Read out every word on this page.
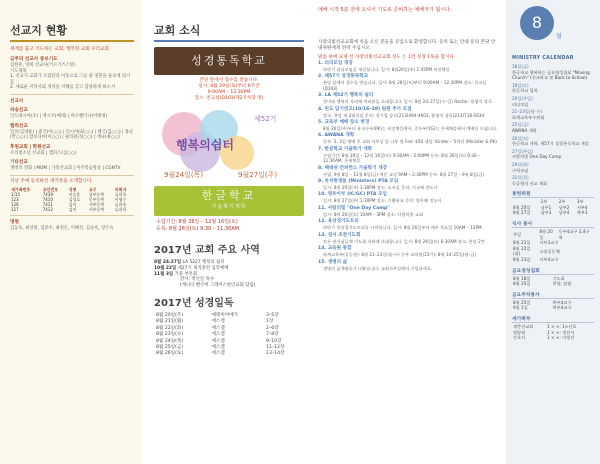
예배 시작 5분 전에 오셔서 기도로 준비하는 예배자가 됩시다.
선교지 현황
세계를 품고 기도하는 교회, 행복한 교회 우리교회
금주의 선교사 중보기도
김현준, 영희 선교사(키르기즈스탄)
기도제목
1. 선교지 교회가 조립단과 이웃으로 그들 중 영혼을 돌보게 되기를
2. 새로운 지역사회 개척을 지혜를 갖고 감당하게 하소서
선교사
파송선교
인도네시아(조) | 멕시코(메네) | 아르헨티나(이태영)
협력선교
일본(김영운) | 중국(이○○) | 러시아(최○○) | 태국(김○○) | 몽골(박○○) | 캄보디아(이○○) | 필리핀(정○○) | 케냐(최○○)
후원교회 | 학원선교
우리청소년 선교회 | 캠퍼스(김○○)
기타선교
생명의 전화 | MOM | 가족선교회 | 미주복음방송 | CGNTV
지난 주에 등록하신 새가족을 소개합니다.
새가족번호	교인번호	성명	교구	목회자
1/15	7439	이승훈	남부동쪽	류희옥
123	7410	김성호	동부동쪽	이영수
126	7411	김미	서부동쪽	류희옥
127	7412	김미	서부동쪽	류희옥
명원
김동욱, 최성원, 임준수, 최원돈, 이혜선, 김순옥, 장은숙
교회 소식
성경통독학교
본당 앞에서 접수를 받습니다.
일시: 8월 29일(토)부터 6주간
9:00AM – 12:30PM
장소: 친교실(D103/제2주차장 옆)
제52기
행복의쉼터
9월24일(목)	9월27일(주)
한글학교
가을학기개학
수업기간: 8월 26일 – 12월 16일(토)
등록: 8월 26일(토) 9:30 – 11:30AM
2017년 교회 주요 사역
8월 24-27일 LA 5227 행복의 쉼터
10월 22일 제27기 제직훈련 입학예배
11월 3일 가을 부흥회
강사: 박신일 목사
(캐나다 밴쿠버 그레이스한인교회 담임)
2017년 성경일독
8월 20일(주)	예레미야애가	3–5장
8월 21일(월)	에스겔	1장
8월 22일(화)	에스겔	2–6장
8월 23일(수)	에스겔	7–8장
8월 24일(목)	에스겔	9–10장
8월 25일(금)	에스겔	11–12장
8월 26일(토)	에스겔	13–14장
사랑의빛선교교회에 처음 오신 분들을 진심으로 환영합니다. 등록 또는 안내 문의 본당 안내위원에게 연락 주십시오.
말씀 위에 교제 선 사랑의빛선교교회 성도 는 1번 성경 1독을 합시다.
1. 리더모임 개강
하반기 리더모임을 개강합니다. 일시: 8월20일(주) 1:45PM 비전채플
2. 제57기 성경통독학교
본당 앞에서 접수를 받습니다. 일시: 8월 26일(토)부터 9:00AM – 12:30PM 장소: 친교실(D103)
3. LA 제52기 행복의 쉼터
준비와 행복의 자리에 여러분을 초대합니다. 일시: 9월 24–27일(수–일) Rector: 윤영석 장로
4. 린도 담기연고(10/16–28) 팀원 추가 모집
장소: 본당 제 2회의실 문의: 장기철 장로(213)494-4603, 윤영석 장로(213)718-5634
5. 교육부 예배 장소 변경
8월 26일(주)부터 유초등부(PK)는 비전채플에서, 중등부(YG)는 온새채플에서 예배를 드립니다.
6. AWANA 개학
등록: 2, 3일 예배 후 교회 사무실 앞 나무 옆 Fee: $50 대상: Kinder – 5학년 (Minister & PK)
7. 한글학교 가을학기 개학
수업기간: 8월 26일 – 12월 16일(토) 9:30AM – 2:00PM 등록: 8월 26일(토) 9:30 – 11:30AM, 온새채플
8. 베데쉬 컨퍼런스 가을학기 개강
수업: 9월 8일 – 12월 8일(금) 예문 교실 9AM – 2:30PM 등록: 8월 27일 – 9월 8일(금)
9. 유치원생들 (Ministers) PTA 모임
일시: 8월 20일(주) 1:30PM 장소: 도서실 문의: 이규배 전도사
10. 영유아부 (IC/GC) PTA 모임
일시: 8월 27일(주) 1:30PM 장소: 기쁨학교 문의: 양은혜 전도사
11. 사랑의빛 "One Day Camp"
일시: 8월 26일(토) 10AM – 3PM 장소: 사랑의빛 교회
12. 육상경기도트리
하반기 육상경기도트리를 시작합니다. 일시: 8월 26일부터 매주 목요일 10AM – 12PM
13. 권서 조찬기도회
모든 권서님들께 기도회 자리에 초대합니다. 일시: 8월 26일(토) 6:30AM 장소: 본당 2층
14. 교육원 통합
하계교육부(공동관): 8월 21–23일(월–수) 중부 교육원(15기): 8월 14–25일(월–금)
15. 생명의 삶
생명의 삶 9월호가 나왔습니다. 교회사무실에서 구입하세요.
8월
MINISTRY CALENDAR
18일(금)
한글학교 행복하는 금요영성집회 "Moving Church" (선교바교 및 Back to School)
19일(토)
한글학교 입학
20일(주일)
리더모임
21–23일(월–수)
하계교육부수련회
25일(금)
AWANA 개학
26일(토)
한글학교 개학, 제57기 성경통독학교 개강
27일(주일)
사랑의빛 One Day Camp
29일(화)
구역모임
31일(목)
독공원의 선교 재회
봉헌위원
	1부	2부	3부
8월 20일	남부1	남부2	서부4
8월 27일	남부3	남부4	북부1
식사 봉사
주일	8월 20일	동부4교구 3,4구역
8월 21일	서부3교구	
8월 22일(화)	소망공동체	
8월 23일	서부4교구	
금요영성집회
8월 18일	기도회
8월 25일	찬양, 말씀
금요주차봉사
8월 25일	북부4교구
9월 1일	북부4교구
새가족부
계층선교회	1 × ×: 1×선호
원양회	1 × ×: 정진서
간호사	1 × ×: 이영진
